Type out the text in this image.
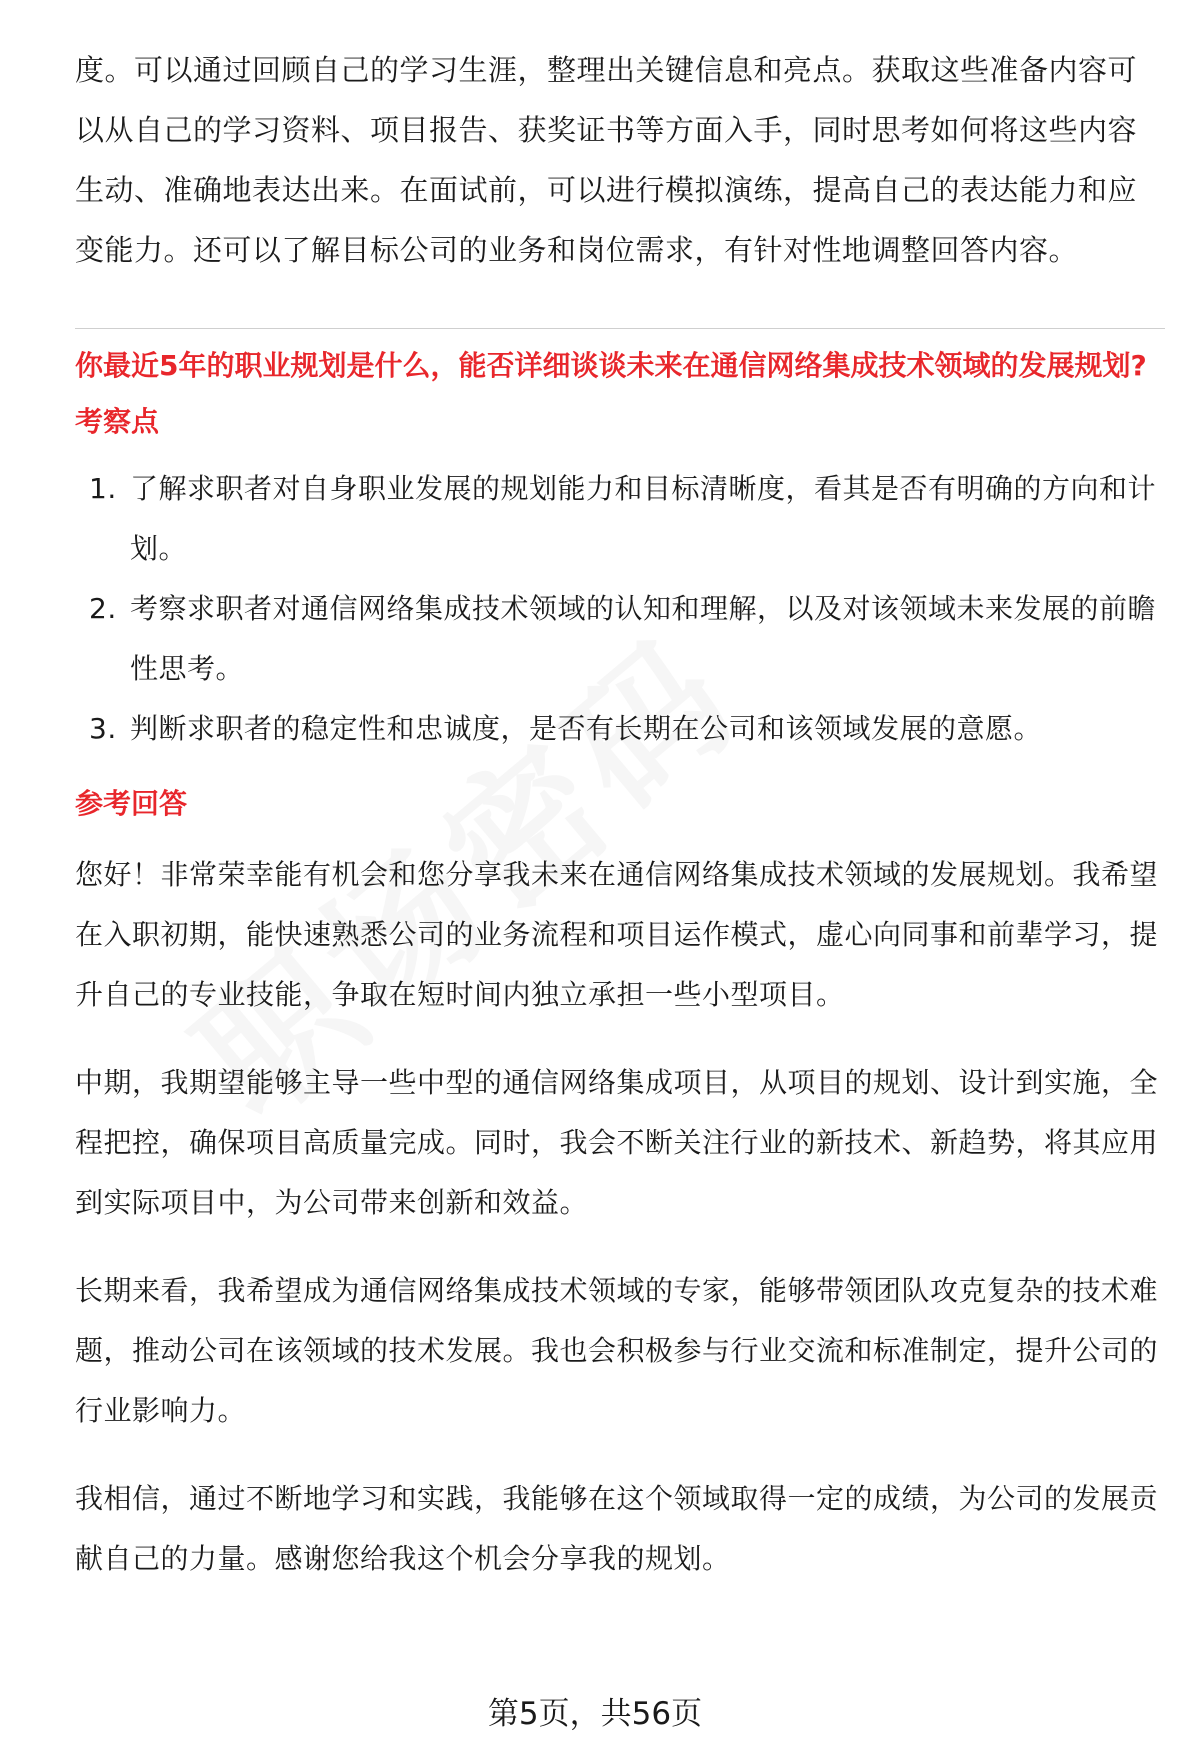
度。可以通过回顾自己的学习生涯，整理出关键信息和亮点。获取这些准备内容可以从自己的学习资料、项目报告、获奖证书等方面入手，同时思考如何将这些内容生动、准确地表达出来。在面试前，可以进行模拟演练，提高自己的表达能力和应变能力。还可以了解目标公司的业务和岗位需求，有针对性地调整回答内容。

你最近5年的职业规划是什么，能否详细谈谈未来在通信网络集成技术领域的发展规划?

考察点

1. 了解求职者对自身职业发展的规划能力和目标清晰度，看其是否有明确的方向和计划。
2. 考察求职者对通信网络集成技术领域的认知和理解，以及对该领域未来发展的前瞻性思考。
3. 判断求职者的稳定性和忠诚度，是否有长期在公司和该领域发展的意愿。

参考回答

您好！非常荣幸能有机会和您分享我未来在通信网络集成技术领域的发展规划。我希望在入职初期，能快速熟悉公司的业务流程和项目运作模式，虚心向同事和前辈学习，提升自己的专业技能，争取在短时间内独立承担一些小型项目。

中期，我期望能够主导一些中型的通信网络集成项目，从项目的规划、设计到实施，全程把控，确保项目高质量完成。同时，我会不断关注行业的新技术、新趋势，将其应用到实际项目中，为公司带来创新和效益。

长期来看，我希望成为通信网络集成技术领域的专家，能够带领团队攻克复杂的技术难题，推动公司在该领域的技术发展。我也会积极参与行业交流和标准制定，提升公司的行业影响力。

我相信，通过不断地学习和实践，我能够在这个领域取得一定的成绩，为公司的发展贡献自己的力量。感谢您给我这个机会分享我的规划。

第5页，共56页
